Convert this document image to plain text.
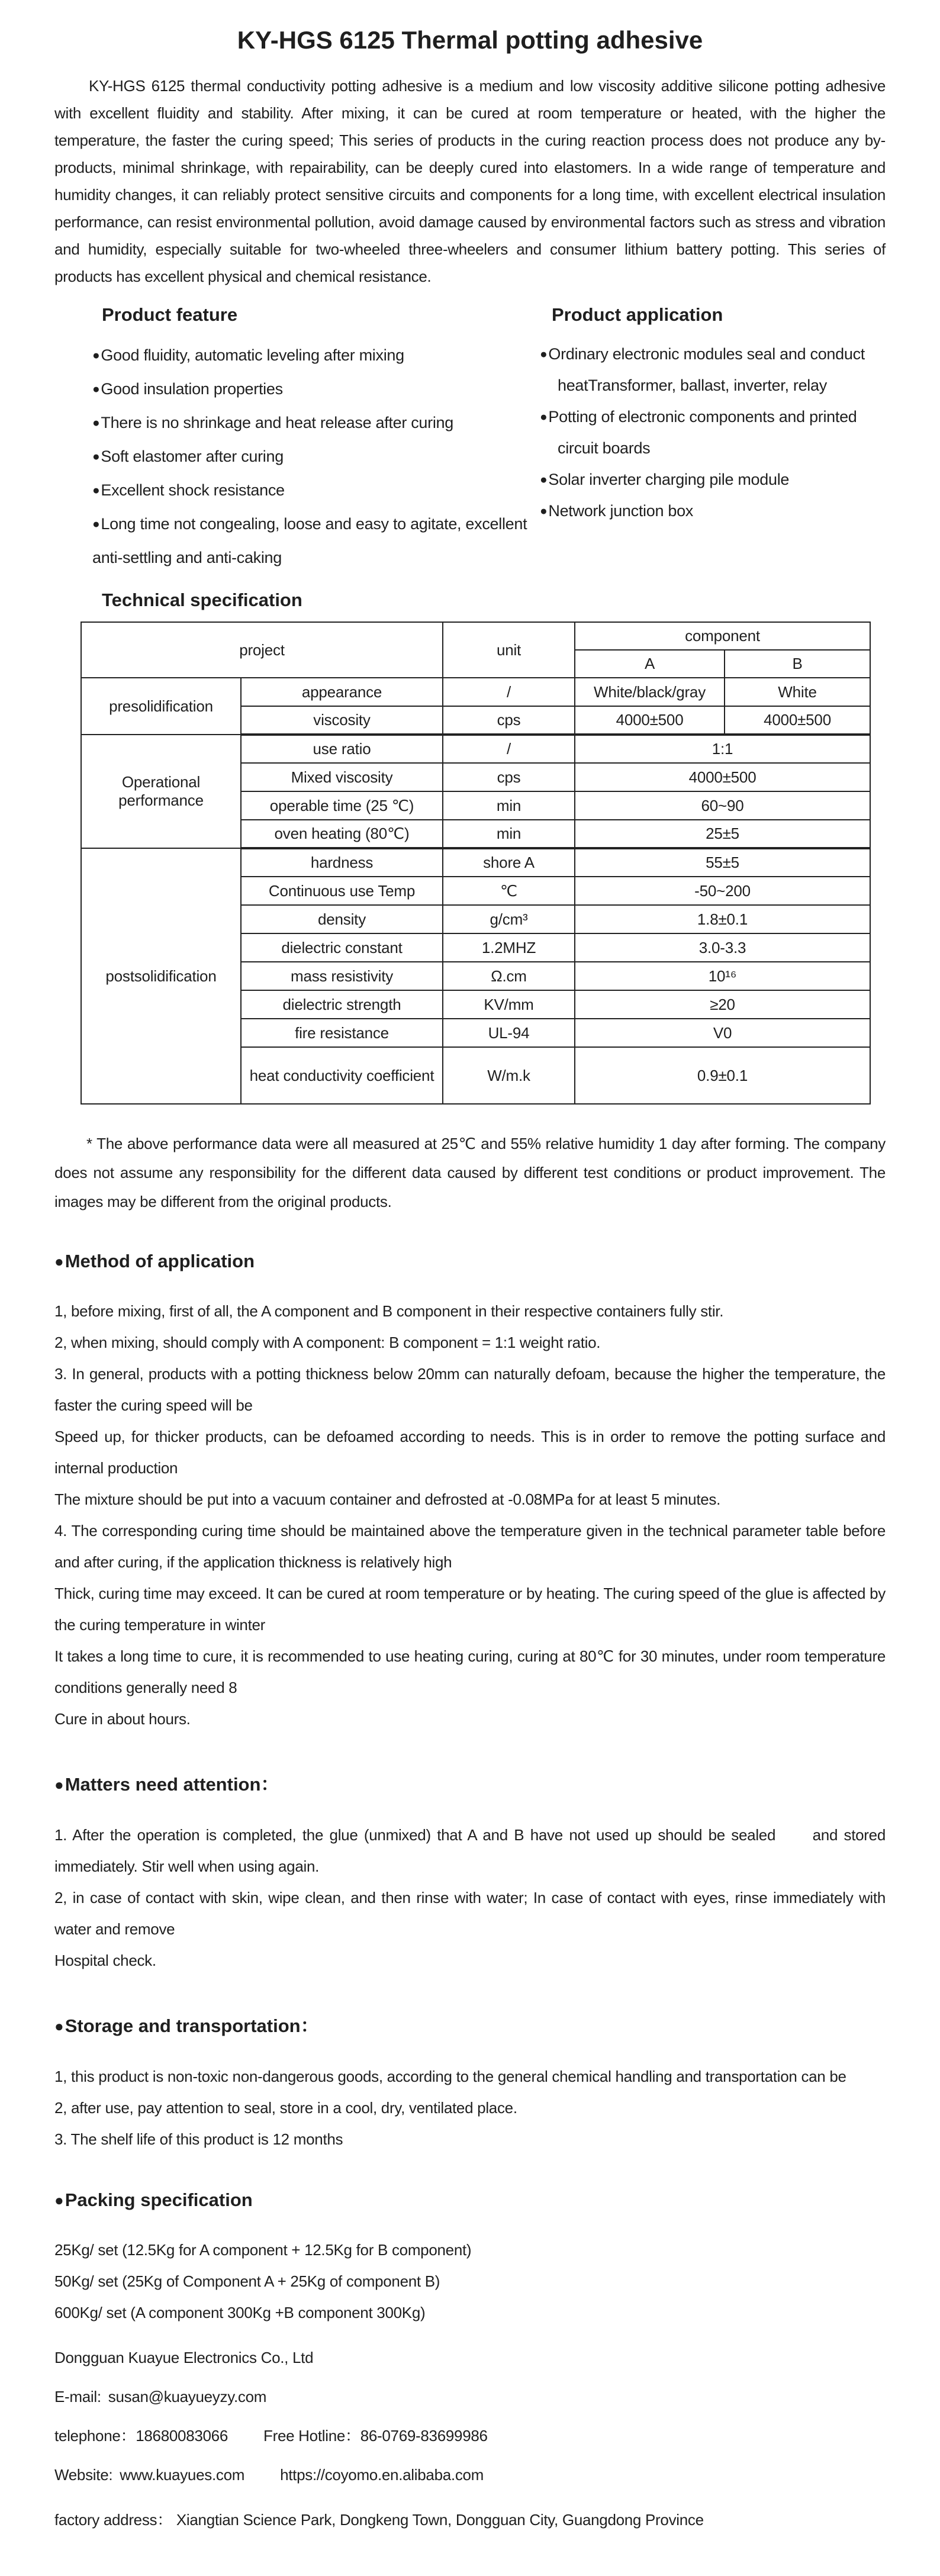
KY-HGS 6125 Thermal potting adhesive

KY-HGS 6125 thermal conductivity potting adhesive is a medium and low viscosity additive silicone potting adhesive with excellent fluidity and stability. After mixing, it can be cured at room temperature or heated, with the higher the temperature, the faster the curing speed; This series of products in the curing reaction process does not produce any by-products, minimal shrinkage, with repairability, can be deeply cured into elastomers. In a wide range of temperature and humidity changes, it can reliably protect sensitive circuits and components for a long time, with excellent electrical insulation performance, can resist environmental pollution, avoid damage caused by environmental factors such as stress and vibration and humidity, especially suitable for two-wheeled three-wheelers and consumer lithium battery potting. This series of products has excellent physical and chemical resistance.

Product feature
●Good fluidity, automatic leveling after mixing
●Good insulation properties
●There is no shrinkage and heat release after curing
●Soft elastomer after curing
●Excellent shock resistance
●Long time not congealing, loose and easy to agitate, excellent anti-settling and anti-caking
Product application
●Ordinary electronic modules seal and conduct heatTransformer, ballast, inverter, relay
●Potting of electronic components and printed circuit boards
●Solar inverter charging pile module
●Network junction box
Technical specification
project		unit	component	
			A	B
presolidification	appearance	/	White/black/gray	White
	viscosity	cps	4000±500	4000±500
Operational performance	use ratio	/	1:1	
	Mixed viscosity	cps	4000±500	
	operable time (25 ℃)	min	60~90	
	oven heating (80℃)	min	25±5	
postsolidification	hardness	shore A	55±5	
	Continuous use Temp	℃	-50~200	
	density	g/cm³	1.8±0.1	
	dielectric constant	1.2MHZ	3.0-3.3	
	mass resistivity	Ω.cm	10¹⁶	
	dielectric strength	KV/mm	≥20	
	fire resistance	UL-94	V0	
	heat conductivity coefficient	W/m.k	0.9±0.1	

* The above performance data were all measured at 25℃ and 55% relative humidity 1 day after forming. The company does not assume any responsibility for the different data caused by different test conditions or product improvement. The images may be different from the original products.

●Method of application

1, before mixing, first of all, the A component and B component in their respective containers fully stir.

2, when mixing, should comply with A component: B component = 1:1 weight ratio.

3. In general, products with a potting thickness below 20mm can naturally defoam, because the higher the temperature, the faster the curing speed will be

Speed up, for thicker products, can be defoamed according to needs. This is in order to remove the potting surface and internal production

The mixture should be put into a vacuum container and defrosted at -0.08MPa for at least 5 minutes.

4. The corresponding curing time should be maintained above the temperature given in the technical parameter table before and after curing, if the application thickness is relatively high

Thick, curing time may exceed. It can be cured at room temperature or by heating. The curing speed of the glue is affected by the curing temperature in winter

It takes a long time to cure, it is recommended to use heating curing, curing at 80℃ for 30 minutes, under room temperature conditions generally need 8

Cure in about hours.

●Matters need attention：

1. After the operation is completed, the glue (unmixed) that A and B have not used up should be sealed      and stored immediately. Stir well when using again.

2, in case of contact with skin, wipe clean, and then rinse with water; In case of contact with eyes, rinse immediately with water and remove

Hospital check.

●Storage and transportation：

1, this product is non-toxic non-dangerous goods, according to the general chemical handling and transportation can be

2, after use, pay attention to seal, store in a cool, dry, ventilated place.

3. The shelf life of this product is 12 months

●Packing specification

25Kg/ set (12.5Kg for A component + 12.5Kg for B component)

50Kg/ set (25Kg of Component A + 25Kg of component B)

600Kg/ set (A component 300Kg +B component 300Kg)

Dongguan Kuayue Electronics Co., Ltd

E-mail: susan@kuayueyzy.com

telephone：18680083066 Free Hotline：86-0769-83699986

Website: www.kuayues.com https://coyomo.en.alibaba.com

factory address： Xiangtian Science Park, Dongkeng Town, Dongguan City, Guangdong Province
